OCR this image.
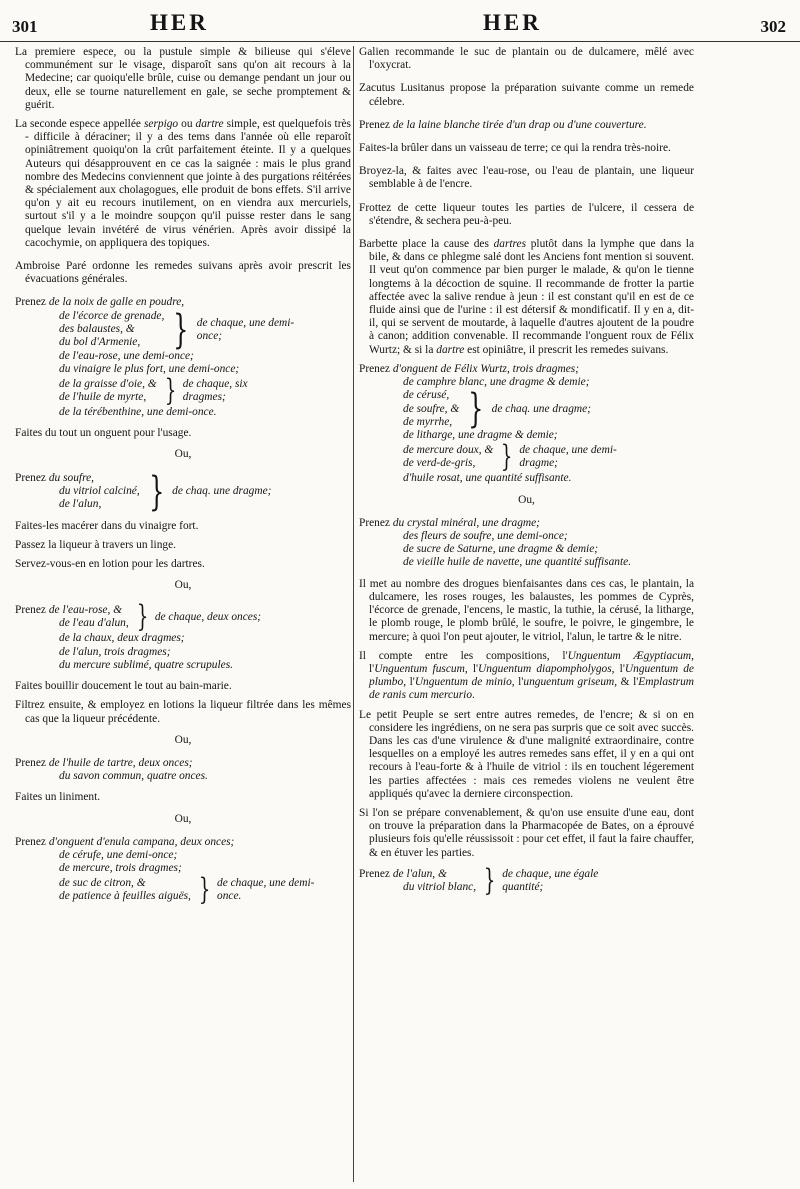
301	HER	HER	302

La premiere espece, ou la pustule simple & bilieuse qui s'éleve communément sur le visage, disparoît sans qu'on ait recours à la Medecine; car quoiqu'elle brûle, cuise ou demange pendant un jour ou deux, elle se tourne naturellement en gale, se seche promptement & guérit.

La seconde espece appellée serpigo ou dartre simple, est quelquefois très - difficile à déraciner; il y a des tems dans l'année où elle reparoît opiniâtrement quoiqu'on la crût parfaitement éteinte. Il y a quelques Auteurs qui désapprouvent en ce cas la saignée : mais le plus grand nombre des Medecins conviennent que jointe à des purgations réitérées & spécialement aux cholagogues, elle produit de bons effets. S'il arrive qu'on y ait eu recours inutilement, on en viendra aux mercuriels, surtout s'il y a le moindre soupçon qu'il puisse rester dans le sang quelque levain invétéré de virus vénérien. Après avoir dissipé la cacochymie, on appliquera des topiques.

Ambroise Paré ordonne les remedes suivans après avoir prescrit les évacuations générales.

Prenez de la noix de galle en poudre,
de l'écorce de grenade,
des balaustes, &
du bol d'Armenie, } de chaque, une demi-once;
de l'eau-rose, une demi-once;
du vinaigre le plus fort, une demi-once;
de la graisse d'oie, &
de l'huile de myrte, } de chaque, six dragmes;
de la térébenthine, une demi-once.

Faites du tout un onguent pour l'usage.

Ou,
Prenez du soufre,
du vitriol calciné,
de l'alun,	} de chaq. une dragme;

Faites-les macérer dans du vinaigre fort.

Passez la liqueur à travers un linge.

Servez-vous-en en lotion pour les dartres.

Ou,
Prenez de l'eau-rose, &
de l'eau d'alun, } de chaque, deux onces;
de la chaux, deux dragmes;
de l'alun, trois dragmes;
du mercure sublimé, quatre scrupules.

Faites bouillir doucement le tout au bain-marie.

Filtrez ensuite, & employez en lotions la liqueur filtrée dans les mêmes cas que la liqueur précédente.

Ou,
Prenez de l'huile de tartre, deux onces;
du savon commun, quatre onces.

Faites un liniment.

Ou,
Prenez d'onguent d'enula campana, deux onces;
de cérufe, une demi-once;
de mercure, trois dragmes;
de suc de citron, &
de patience à feuilles aiguës, } de chaque, une demi-once.

Galien recommande le suc de plantain ou de dulcamere, mêlé avec l'oxycrat.

Zacutus Lusitanus propose la préparation suivante comme un remede célebre.

Prenez de la laine blanche tirée d'un drap ou d'une couverture.

Faites-la brûler dans un vaisseau de terre; ce qui la rendra très-noire.

Broyez-la, & faites avec l'eau-rose, ou l'eau de plantain, une liqueur semblable à de l'encre.

Frottez de cette liqueur toutes les parties de l'ulcere, il cessera de s'étendre, & sechera peu-à-peu.

Barbette place la cause des dartres plutôt dans la lymphe que dans la bile, & dans ce phlegme salé dont les Anciens font mention si souvent. Il veut qu'on commence par bien purger le malade, & qu'on le tienne longtems à la décoction de squine. Il recommande de frotter la partie affectée avec la salive rendue à jeun : il est constant qu'il en est de ce fluide ainsi que de l'urine : il est détersif & mondificatif. Il y en a, dit-il, qui se servent de moutarde, à laquelle d'autres ajoutent de la poudre à canon; addition convenable. Il recommande l'onguent roux de Félix Wurtz; & si la dartre est opiniâtre, il prescrit les remedes suivans.

Prenez d'onguent de Félix Wurtz, trois dragmes;
de camphre blanc, une dragme & demie;
de cérusé,
de soufre, &
de myrrhe, } de chaq. une dragme;
de litharge, une dragme & demie;
de mercure doux, &
de verd-de-gris, } de chaque, une demi-dragme;
d'huile rosat, une quantité suffisante.
Ou,
Prenez du crystal minéral, une dragme;
des fleurs de soufre, une demi-once;
de sucre de Saturne, une dragme & demie;
de vieille huile de navette, une quantité suffisante.

Il met au nombre des drogues bienfaisantes dans ces cas, le plantain, la dulcamere, les roses rouges, les balaustes, les pommes de Cyprès, l'écorce de grenade, l'encens, le mastic, la tuthie, la cérusé, la litharge, le plomb rouge, le plomb brûlé, le soufre, le poivre, le gingembre, le mercure; à quoi l'on peut ajouter, le vitriol, l'alun, le tartre & le nitre.

Il compte entre les compositions, l'Unguentum Ægyptiacum, l'Unguentum fuscum, l'Unguentum diapompholygos, l'Unguentum de plumbo, l'Unguentum de minio, l'unguentum griseum, & l'Emplastrum de ranis cum mercurio.

Le petit Peuple se sert entre autres remedes, de l'encre; & si on en considere les ingrédiens, on ne sera pas surpris que ce soit avec succès. Dans les cas d'une virulence & d'une malignité extraordinaire, contre lesquelles on a employé les autres remedes sans effet, il y en a qui ont recours à l'eau-forte & à l'huile de vitriol : ils en touchent légerement les parties affectées : mais ces remedes violens ne veulent être appliqués qu'avec la derniere circonspection.

Si l'on se prépare convenablement, & qu'on use ensuite d'une eau, dont on trouve la préparation dans la Pharmacopée de Bates, on a éprouvé plusieurs fois qu'elle réussissoit : pour cet effet, il faut la faire chauffer, & en étuver les parties.

Prenez de l'alun, &
du vitriol blanc, } de chaque, une égale quantité;
